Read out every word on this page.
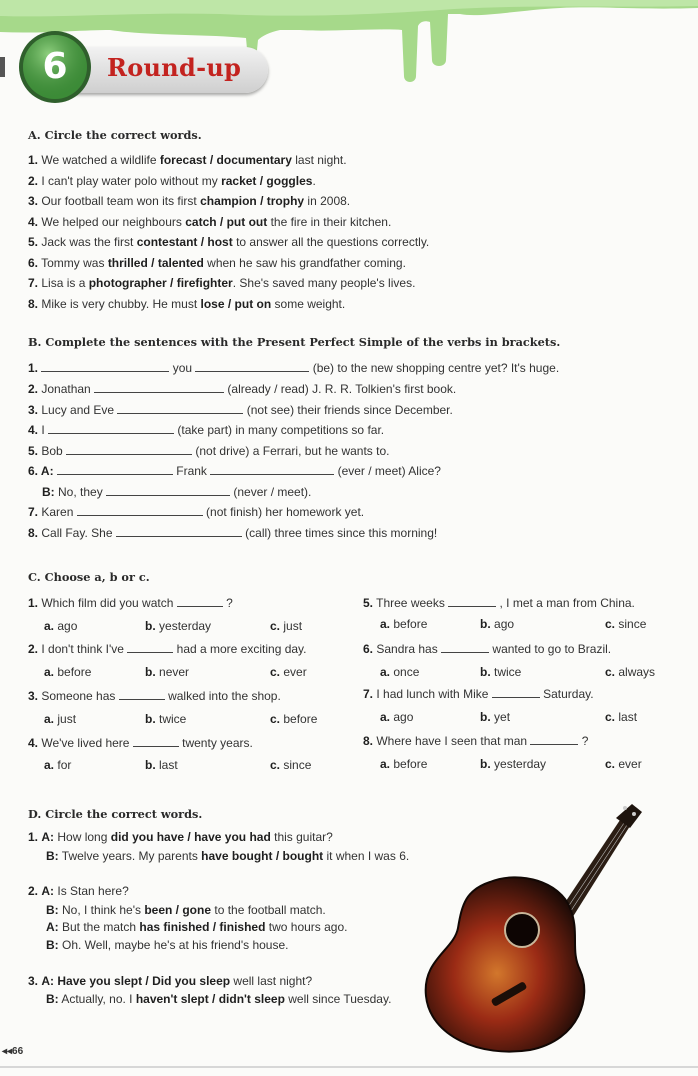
Round-up
6
A. Circle the correct words.
1. We watched a wildlife forecast / documentary last night.
2. I can't play water polo without my racket / goggles.
3. Our football team won its first champion / trophy in 2008.
4. We helped our neighbours catch / put out the fire in their kitchen.
5. Jack was the first contestant / host to answer all the questions correctly.
6. Tommy was thrilled / talented when he saw his grandfather coming.
7. Lisa is a photographer / firefighter. She's saved many people's lives.
8. Mike is very chubby. He must lose / put on some weight.
B. Complete the sentences with the Present Perfect Simple of the verbs in brackets.
1.	you	(be) to the new shopping centre yet? It's huge.
2. Jonathan	(already / read) J. R. R. Tolkien's first book.
3. Lucy and Eve	(not see) their friends since December.
4. I	(take part) in many competitions so far.
5. Bob	(not drive) a Ferrari, but he wants to.
6. A:	Frank	(ever / meet) Alice?
B: No, they	(never / meet).
7. Karen	(not finish) her homework yet.
8. Call Fay. She	(call) three times since this morning!
C. Choose a, b or c.
1. Which film did you watch	?
a. ago	b. yesterday	c. just
2. I don't think I've	had a more exciting day.
a. before	b. never	c. ever
3. Someone has	walked into the shop.
a. just	b. twice	c. before
4. We've lived here	twenty years.
a. for	b. last	c. since
5. Three weeks	, I met a man from China.
a. before	b. ago	c. since
6. Sandra has	wanted to go to Brazil.
a. once	b. twice	c. always
7. I had lunch with Mike	Saturday.
a. ago	b. yet	c. last
8. Where have I seen that man	?
a. before	b. yesterday	c. ever
D. Circle the correct words.
1. A: How long did you have / have you had this guitar?
B: Twelve years. My parents have bought / bought it when I was 6.
2. A: Is Stan here?
B: No, I think he's been / gone to the football match.
A: But the match has finished / finished two hours ago.
B: Oh. Well, maybe he's at his friend's house.
3. A: Have you slept / Did you sleep well last night?
B: Actually, no. I haven't slept / didn't sleep well since Tuesday.
◂◂66
